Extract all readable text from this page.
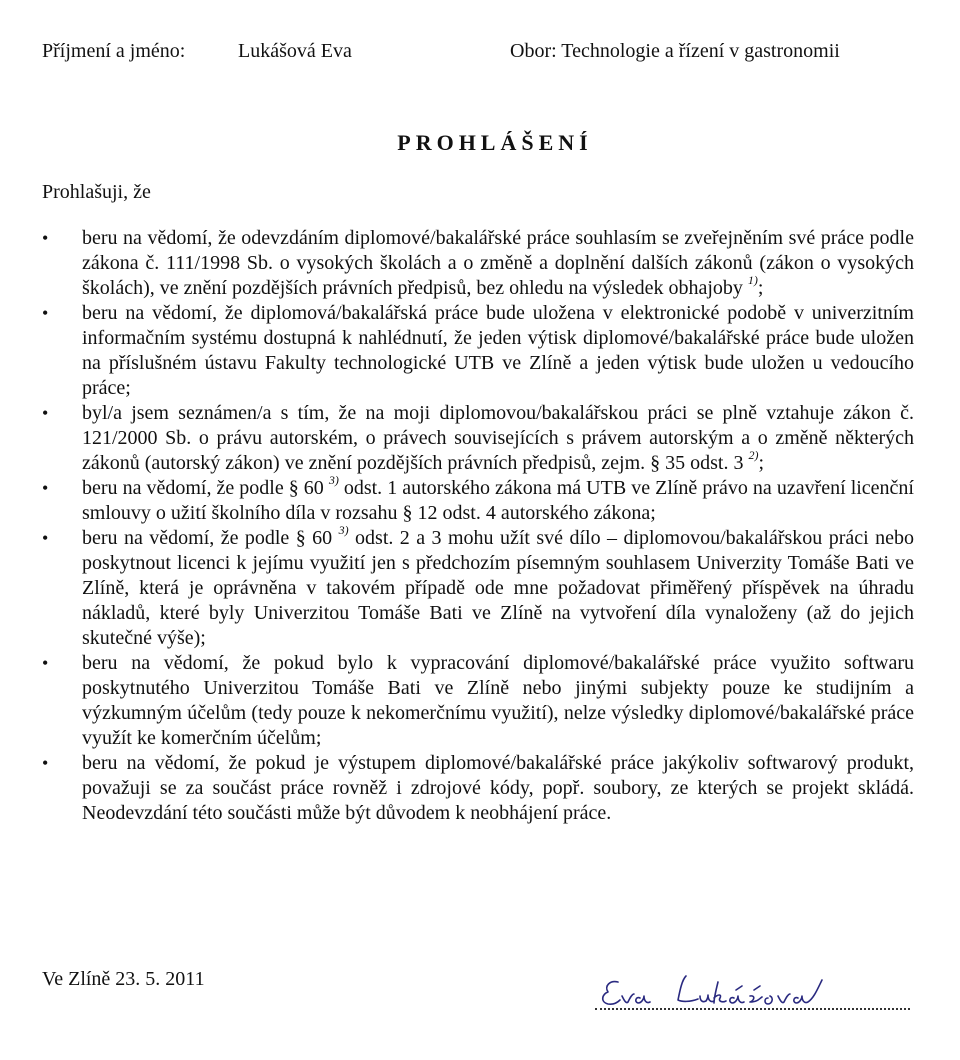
Příjmení a jméno:	Lukášová Eva	Obor: Technologie a řízení v gastronomii
PROHLÁŠENÍ
Prohlašuji, že
• beru na vědomí, že odevzdáním diplomové/bakalářské práce souhlasím se zveřejněním své práce podle zákona č. 111/1998 Sb. o vysokých školách a o změně a doplnění dalších zákonů (zákon o vysokých školách), ve znění pozdějších právních předpisů, bez ohledu na výsledek obhajoby $^{1)}$;
• beru na vědomí, že diplomová/bakalářská práce bude uložena v elektronické podobě v univerzitním informačním systému dostupná k nahlédnutí, že jeden výtisk diplomové/bakalářské práce bude uložen na příslušném ústavu Fakulty technologické UTB ve Zlíně a jeden výtisk bude uložen u vedoucího práce;
• byl/a jsem seznámen/a s tím, že na moji diplomovou/bakalářskou práci se plně vztahuje zákon č. 121/2000 Sb. o právu autorském, o právech souvisejících s právem autorským a o změně některých zákonů (autorský zákon) ve znění pozdějších právních předpisů, zejm. § 35 odst. 3 $^{2)}$;
• beru na vědomí, že podle § 60 $^{3)}$ odst. 1 autorského zákona má UTB ve Zlíně právo na uzavření licenční smlouvy o užití školního díla v rozsahu § 12 odst. 4 autorského zákona;
• beru na vědomí, že podle § 60 $^{3)}$ odst. 2 a 3 mohu užít své dílo – diplomovou/bakalářskou práci nebo poskytnout licenci k jejímu využití jen s předchozím písemným souhlasem Univerzity Tomáše Bati ve Zlíně, která je oprávněna v takovém případě ode mne požadovat přiměřený příspěvek na úhradu nákladů, které byly Univerzitou Tomáše Bati ve Zlíně na vytvoření díla vynaloženy (až do jejich skutečné výše);
• beru na vědomí, že pokud bylo k vypracování diplomové/bakalářské práce využito softwaru poskytnutého Univerzitou Tomáše Bati ve Zlíně nebo jinými subjekty pouze ke studijním a výzkumným účelům (tedy pouze k nekomerčnímu využití), nelze výsledky diplomové/bakalářské práce využít ke komerčním účelům;
• beru na vědomí, že pokud je výstupem diplomové/bakalářské práce jakýkoliv softwarový produkt, považuji se za součást práce rovněž i zdrojové kódy, popř. soubory, ze kterých se projekt skládá. Neodevzdání této součásti může být důvodem k neobhájení práce.
Ve Zlíně 23. 5. 2011
